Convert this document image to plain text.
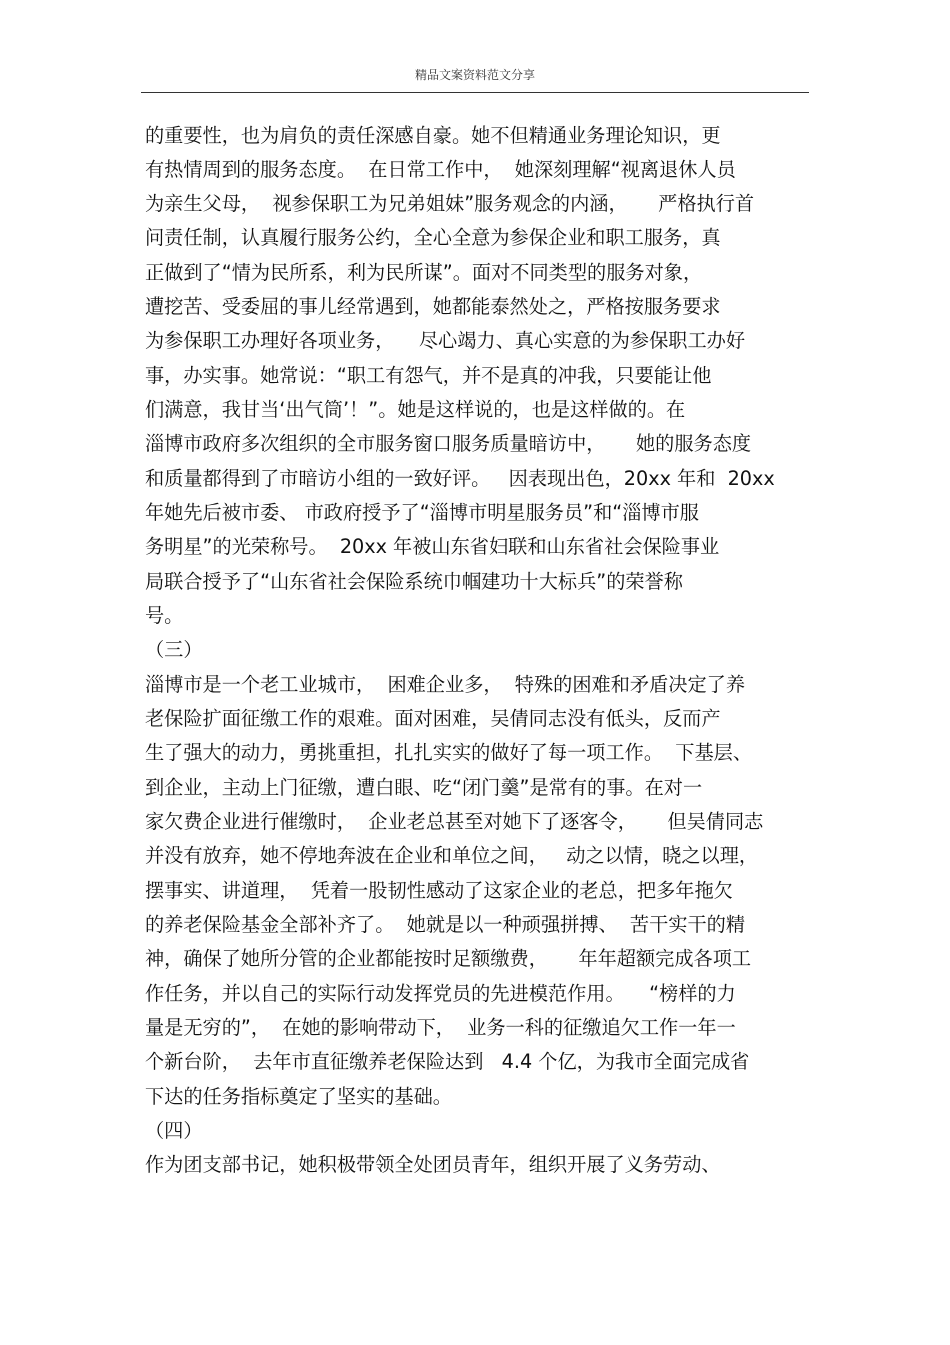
精品文案资料范文分享
的重要性，也为肩负的责任深感自豪。她不但精通业务理论知识，更
有热情周到的服务态度。  在日常工作中，  她深刻理解“视离退休人员
为亲生父母，  视参保职工为兄弟姐妹”服务观念的内涵，     严格执行首
问责任制，认真履行服务公约，全心全意为参保企业和职工服务，真
正做到了“情为民所系，利为民所谋”。面对不同类型的服务对象，
遭挖苦、受委屈的事儿经常遇到，她都能泰然处之，严格按服务要求
为参保职工办理好各项业务，    尽心竭力、真心实意的为参保职工办好
事，办实事。她常说：“职工有怨气，并不是真的冲我，只要能让他
们满意，我甘当‘出气筒’！”。她是这样说的，也是这样做的。在
淄博市政府多次组织的全市服务窗口服务质量暗访中，     她的服务态度
和质量都得到了市暗访小组的一致好评。   因表现出色，20xx 年和  20xx
年她先后被市委、 市政府授予了“淄博市明星服务员”和“淄博市服
务明星”的光荣称号。  20xx 年被山东省妇联和山东省社会保险事业
局联合授予了“山东省社会保险系统巾帼建功十大标兵”的荣誉称
号。
（三）
淄博市是一个老工业城市，  困难企业多，  特殊的困难和矛盾决定了养
老保险扩面征缴工作的艰难。面对困难，吴倩同志没有低头，反而产
生了强大的动力，勇挑重担，扎扎实实的做好了每一项工作。  下基层、
到企业，主动上门征缴，遭白眼、吃“闭门羹”是常有的事。在对一
家欠费企业进行催缴时，  企业老总甚至对她下了逐客令，     但吴倩同志
并没有放弃，她不停地奔波在企业和单位之间，   动之以情，晓之以理，
摆事实、讲道理，  凭着一股韧性感动了这家企业的老总，把多年拖欠
的养老保险基金全部补齐了。  她就是以一种顽强拼搏、  苦干实干的精
神，确保了她所分管的企业都能按时足额缴费，     年年超额完成各项工
作任务，并以自己的实际行动发挥党员的先进模范作用。    “榜样的力
量是无穷的”，  在她的影响带动下，  业务一科的征缴追欠工作一年一
个新台阶，  去年市直征缴养老保险达到   4.4 个亿，为我市全面完成省
下达的任务指标奠定了坚实的基础。
（四）
作为团支部书记，她积极带领全处团员青年，组织开展了义务劳动、
